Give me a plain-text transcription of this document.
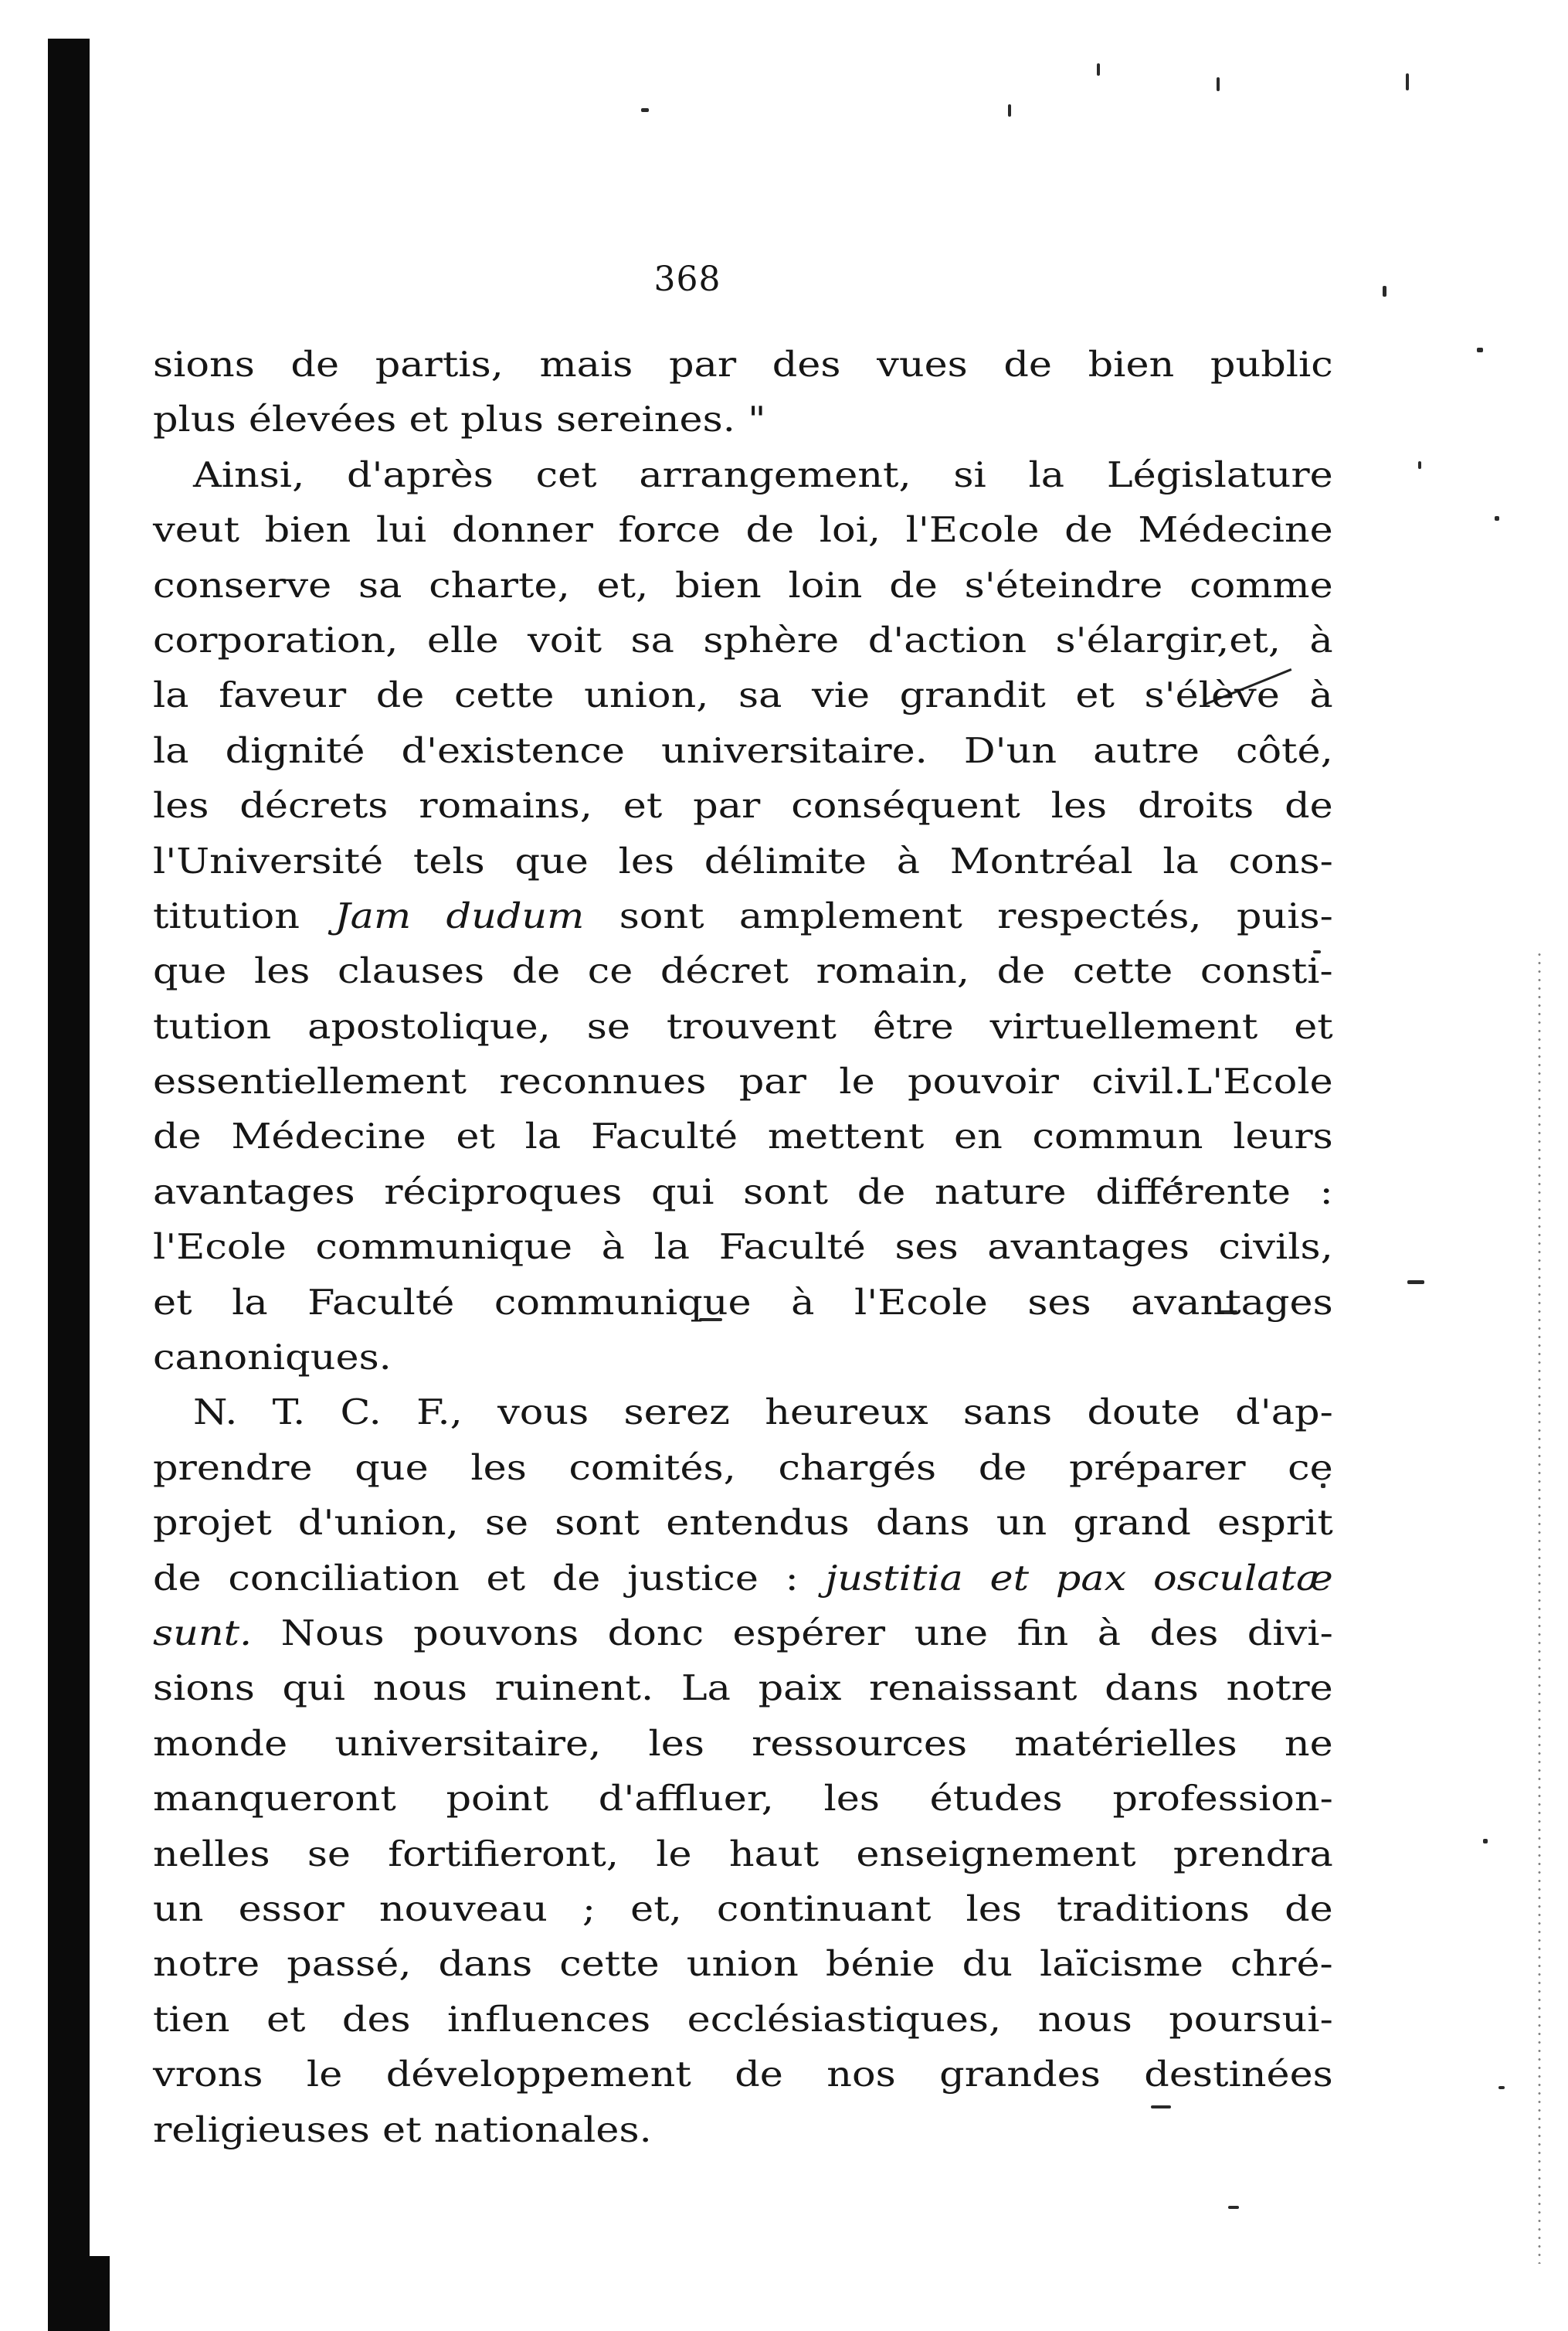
368
sions de partis, mais par des vues de bien public
plus élevées et plus sereines. "
Ainsi, d'après cet arrangement, si la Législature
veut bien lui donner force de loi, l'Ecole de Médecine
conserve sa charte, et, bien loin de s'éteindre comme
corporation, elle voit sa sphère d'action s'élargir,et, à
la faveur de cette union, sa vie grandit et s'élève à
la dignité d'existence universitaire. D'un autre côté,
les décrets romains, et par conséquent les droits de
l'Université tels que les délimite à Montréal la cons-
titution Jam dudum sont amplement respectés, puis-
que les clauses de ce décret romain, de cette consti-
tution apostolique, se trouvent être virtuellement et
essentiellement reconnues par le pouvoir civil.L'Ecole
de Médecine et la Faculté mettent en commun leurs
avantages réciproques qui sont de nature différente :
l'Ecole communique à la Faculté ses avantages civils,
et la Faculté communique à l'Ecole ses avantages
canoniques.
N. T. C. F., vous serez heureux sans doute d'ap-
prendre que les comités, chargés de préparer ce
projet d'union, se sont entendus dans un grand esprit
de conciliation et de justice : justitia et pax osculatæ
sunt. Nous pouvons donc espérer une fin à des divi-
sions qui nous ruinent. La paix renaissant dans notre
monde universitaire, les ressources matérielles ne
manqueront point d'affluer, les études profession-
nelles se fortifieront, le haut enseignement prendra
un essor nouveau ; et, continuant les traditions de
notre passé, dans cette union bénie du laïcisme chré-
tien et des influences ecclésiastiques, nous poursui-
vrons le développement de nos grandes destinées
religieuses et nationales.
